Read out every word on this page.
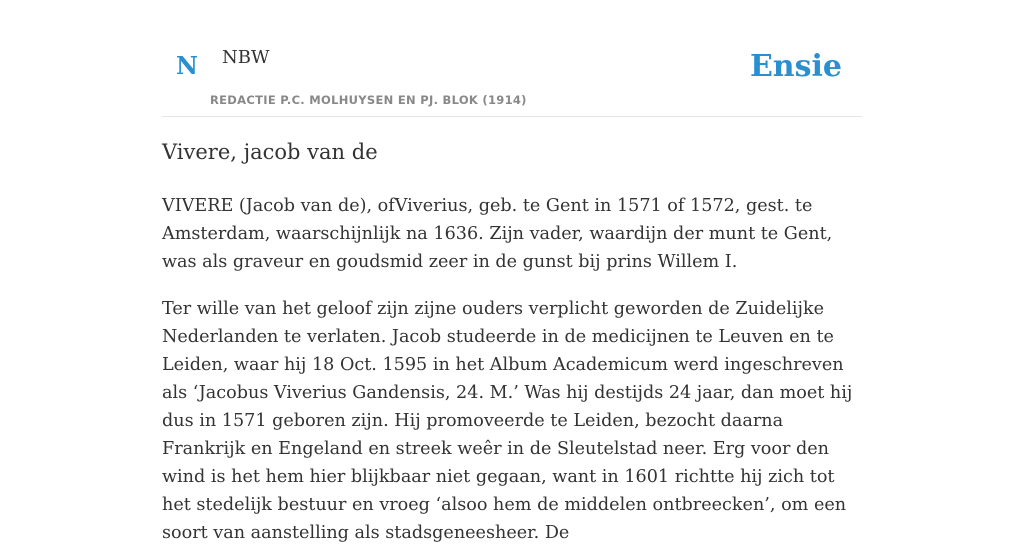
N NBW
REDACTIE P.C. MOLHUYSEN EN PJ. BLOK (1914)
Ensie
Vivere, jacob van de

VIVERE (Jacob van de), ofViverius, geb. te Gent in 1571 of 1572, gest. te Amsterdam, waarschijnlijk na 1636. Zijn vader, waardijn der munt te Gent, was als graveur en goudsmid zeer in de gunst bij prins Willem I.

Ter wille van het geloof zijn zijne ouders verplicht geworden de Zuidelijke Nederlanden te verlaten. Jacob studeerde in de medicijnen te Leuven en te Leiden, waar hij 18 Oct. 1595 in het Album Academicum werd ingeschreven als ‘Jacobus Viverius Gandensis, 24. M.’ Was hij destijds 24 jaar, dan moet hij dus in 1571 geboren zijn. Hij promoveerde te Leiden, bezocht daarna Frankrijk en Engeland en streek weêr in de Sleutelstad neer. Erg voor den wind is het hem hier blijkbaar niet gegaan, want in 1601 richtte hij zich tot het stedelijk bestuur en vroeg ‘alsoo hem de middelen ontbreecken’, om een soort van aanstelling als stadsgeneesheer. De
